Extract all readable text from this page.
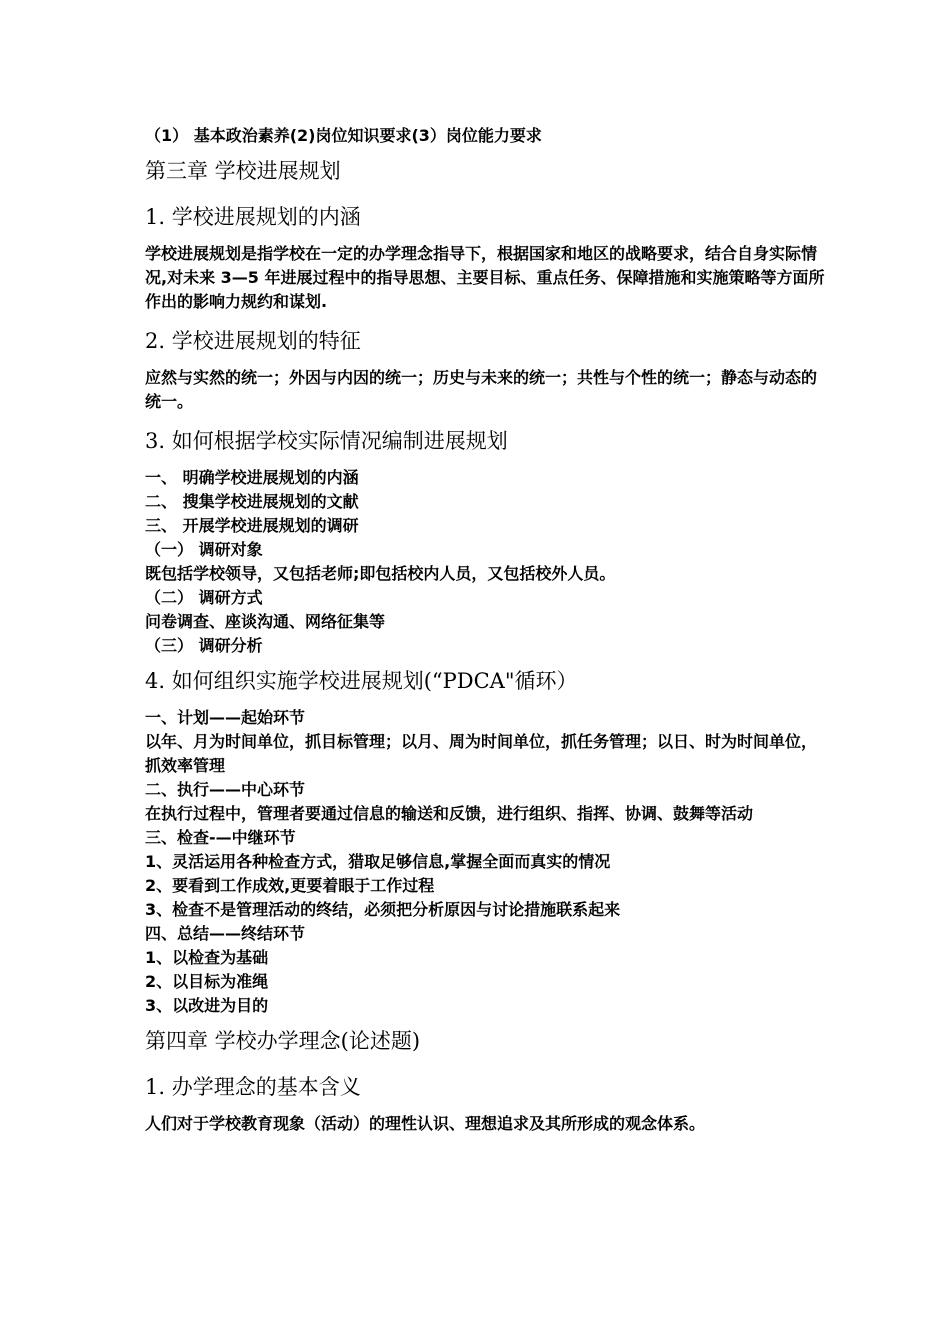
（1） 基本政治素养(2)岗位知识要求(3）岗位能力要求

第三章 学校进展规划

1. 学校进展规划的内涵

学校进展规划是指学校在一定的办学理念指导下，根据国家和地区的战略要求，结合自身实际情况,对未来 3—5 年进展过程中的指导思想、主要目标、重点任务、保障措施和实施策略等方面所作出的影响力规约和谋划.

2. 学校进展规划的特征

应然与实然的统一；外因与内因的统一；历史与未来的统一；共性与个性的统一；静态与动态的统一。

3. 如何根据学校实际情况编制进展规划

一、 明确学校进展规划的内涵

二、 搜集学校进展规划的文献

三、 开展学校进展规划的调研

（一） 调研对象

既包括学校领导，又包括老师;即包括校内人员，又包括校外人员。

（二） 调研方式

问卷调查、座谈沟通、网络征集等

（三） 调研分析

4. 如何组织实施学校进展规划(“PDCA"循环）

一、计划——起始环节

以年、月为时间单位，抓目标管理；以月、周为时间单位，抓任务管理；以日、时为时间单位，抓效率管理

二、执行——中心环节

在执行过程中，管理者要通过信息的输送和反馈，进行组织、指挥、协调、鼓舞等活动

三、检查-—中继环节

1、灵活运用各种检查方式，猎取足够信息,掌握全面而真实的情况

2、要看到工作成效,更要着眼于工作过程

3、检查不是管理活动的终结，必须把分析原因与讨论措施联系起来

四、总结——终结环节

1、以检查为基础

2、以目标为准绳

3、以改进为目的

第四章 学校办学理念(论述题)

1. 办学理念的基本含义

人们对于学校教育现象（活动）的理性认识、理想追求及其所形成的观念体系。
